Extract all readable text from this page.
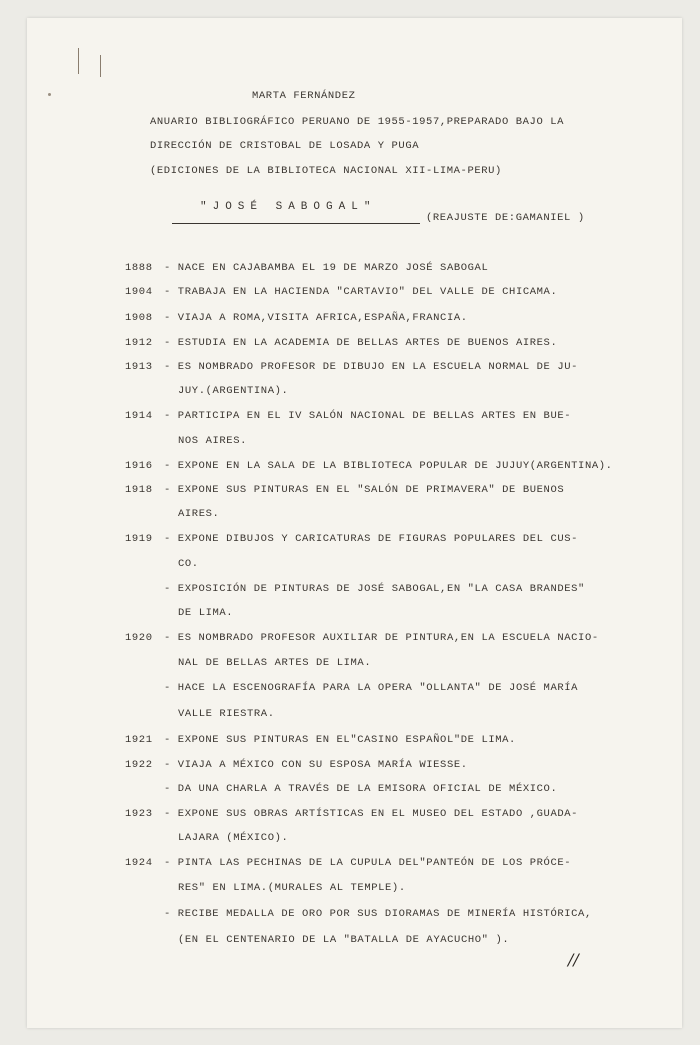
MARTA FERNÁNDEZ
ANUARIO BIBLIOGRÁFICO PERUANO DE 1955-1957,PREPARADO BAJO LA
DIRECCIÓN DE CRISTOBAL DE LOSADA Y PUGA
(EDICIONES DE LA BIBLIOTECA NACIONAL XII-LIMA-PERU)
"JOSÉ SABOGAL"
(REAJUSTE DE:GAMANIEL )
1888 - NACE EN CAJABAMBA EL 19 DE MARZO JOSÉ SABOGAL
1904 - TRABAJA EN LA HACIENDA "CARTAVIO" DEL VALLE DE CHICAMA.
1908 - VIAJA A ROMA,VISITA AFRICA,ESPAÑA,FRANCIA.
1912 - ESTUDIA EN LA ACADEMIA DE BELLAS ARTES DE BUENOS AIRES.
1913 - ES NOMBRADO PROFESOR DE DIBUJO EN LA ESCUELA NORMAL DE JU-
JUY.(ARGENTINA).
1914 - PARTICIPA EN EL IV SALÓN NACIONAL DE BELLAS ARTES EN BUE-
NOS AIRES.
1916 - EXPONE EN LA SALA DE LA BIBLIOTECA POPULAR DE JUJUY(ARGENTINA).
1918 - EXPONE SUS PINTURAS EN EL "SALÓN DE PRIMAVERA" DE BUENOS
AIRES.
1919 - EXPONE DIBUJOS Y CARICATURAS DE FIGURAS POPULARES DEL CUS-
CO.
- EXPOSICIÓN DE PINTURAS DE JOSÉ SABOGAL,EN "LA CASA BRANDES"
DE LIMA.
1920 - ES NOMBRADO PROFESOR AUXILIAR DE PINTURA,EN LA ESCUELA NACIO-
NAL DE BELLAS ARTES DE LIMA.
- HACE LA ESCENOGRAFÍA PARA LA OPERA "OLLANTA" DE JOSÉ MARÍA
VALLE RIESTRA.
1921 - EXPONE SUS PINTURAS EN EL"CASINO ESPAÑOL"DE LIMA.
1922 - VIAJA A MÉXICO CON SU ESPOSA MARÍA WIESSE.
- DA UNA CHARLA A TRAVÉS DE LA EMISORA OFICIAL DE MÉXICO.
1923 - EXPONE SUS OBRAS ARTÍSTICAS EN EL MUSEO DEL ESTADO ,GUADA-
LAJARA (MÉXICO).
1924 - PINTA LAS PECHINAS DE LA CUPULA DEL"PANTEÓN DE LOS PRÓCE-
RES" EN LIMA.(MURALES AL TEMPLE).
- RECIBE MEDALLA DE ORO POR SUS DIORAMAS DE MINERÍA HISTÓRICA,
(EN EL CENTENARIO DE LA "BATALLA DE AYACUCHO" ).
//
